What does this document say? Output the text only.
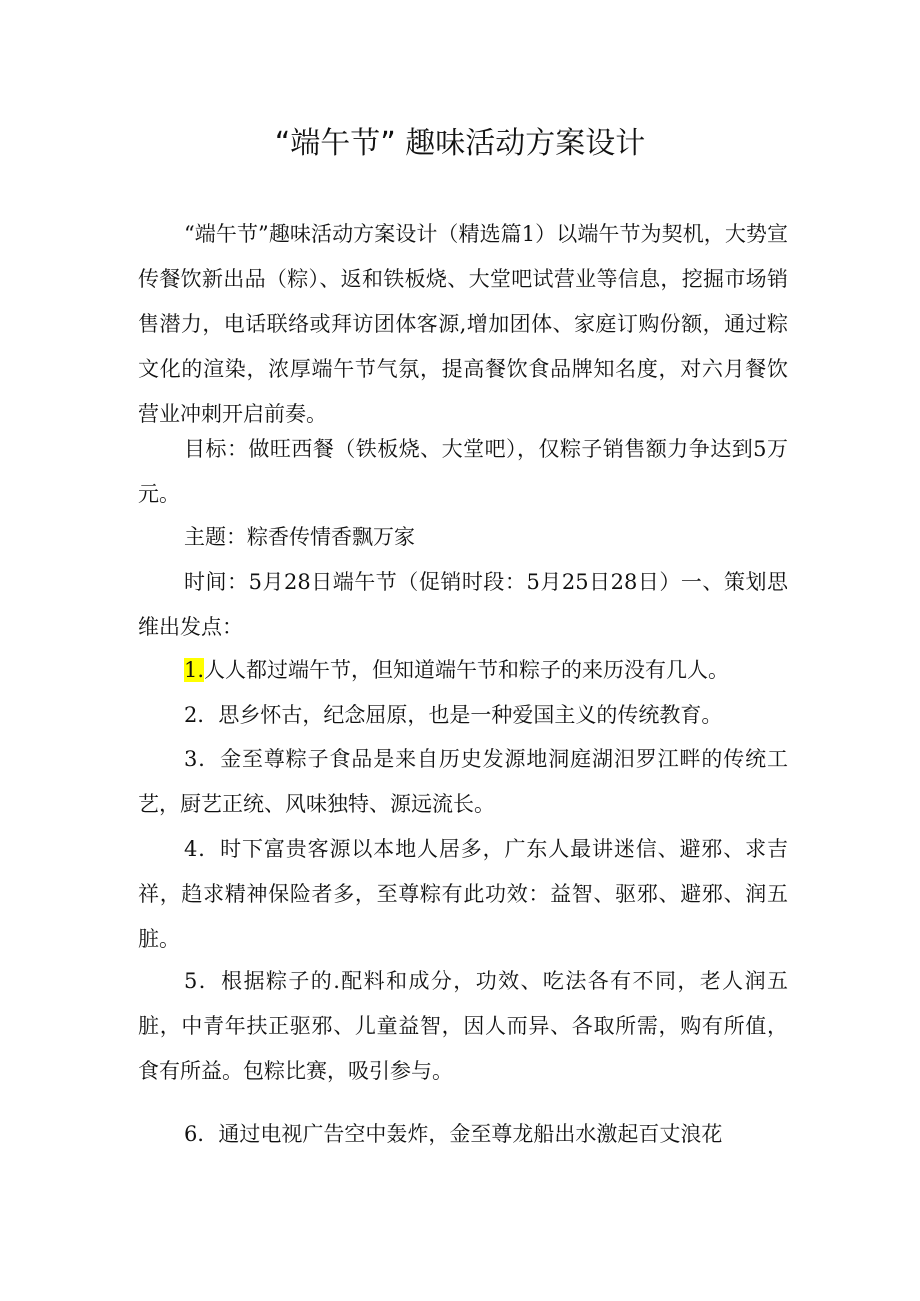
“端午节” 趣味活动方案设计

“端午节”趣味活动方案设计（精选篇1）以端午节为契机，大势宣传餐饮新出品（粽）、返和铁板烧、大堂吧试营业等信息，挖掘市场销售潜力，电话联络或拜访团体客源,增加团体、家庭订购份额，通过粽文化的渲染，浓厚端午节气氛，提高餐饮食品牌知名度，对六月餐饮营业冲刺开启前奏。

目标：做旺西餐（铁板烧、大堂吧），仅粽子销售额力争达到5万元。

主题：粽香传情香飘万家

时间：5月28日端午节（促销时段：5月25日28日）一、策划思维出发点：

1.人人都过端午节，但知道端午节和粽子的来历没有几人。

2．思乡怀古，纪念屈原，也是一种爱国主义的传统教育。

3．金至尊粽子食品是来自历史发源地洞庭湖汨罗江畔的传统工艺，厨艺正统、风味独特、源远流长。

4．时下富贵客源以本地人居多，广东人最讲迷信、避邪、求吉祥，趋求精神保险者多，至尊粽有此功效：益智、驱邪、避邪、润五脏。

5．根据粽子的.配料和成分，功效、吃法各有不同，老人润五脏，中青年扶正驱邪、儿童益智，因人而异、各取所需，购有所值，食有所益。包粽比赛，吸引参与。

6．通过电视广告空中轰炸，金至尊龙船出水激起百丈浪花
